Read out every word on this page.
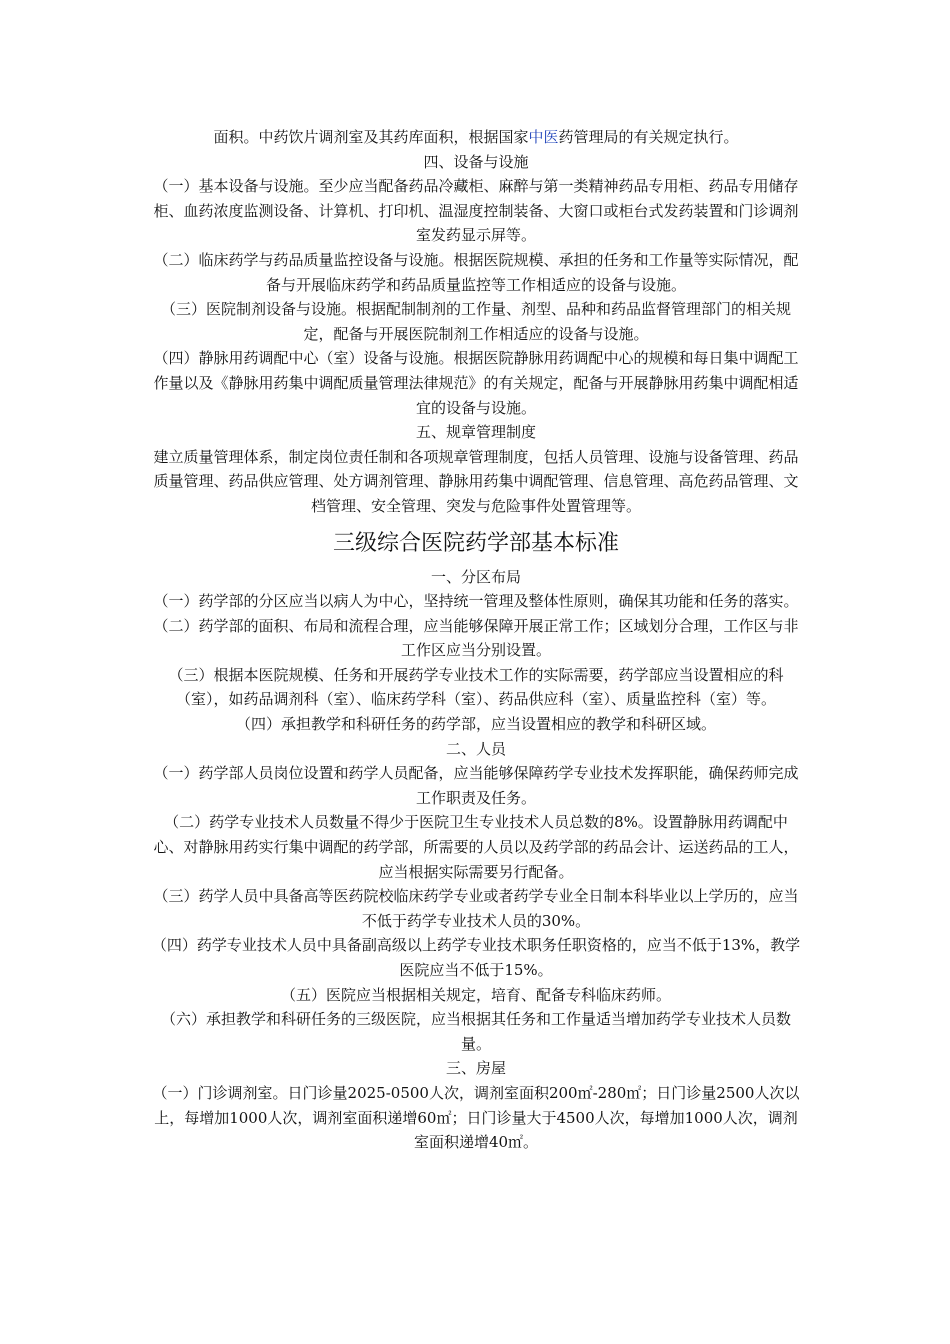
面积。中药饮片调剂室及其药库面积，根据国家中医药管理局的有关规定执行。

四、设备与设施

（一）基本设备与设施。至少应当配备药品冷藏柜、麻醉与第一类精神药品专用柜、药品专用储存柜、血药浓度监测设备、计算机、打印机、温湿度控制装备、大窗口或柜台式发药装置和门诊调剂室发药显示屏等。

（二）临床药学与药品质量监控设备与设施。根据医院规模、承担的任务和工作量等实际情况，配备与开展临床药学和药品质量监控等工作相适应的设备与设施。

（三）医院制剂设备与设施。根据配制制剂的工作量、剂型、品种和药品监督管理部门的相关规定，配备与开展医院制剂工作相适应的设备与设施。

（四）静脉用药调配中心（室）设备与设施。根据医院静脉用药调配中心的规模和每日集中调配工作量以及《静脉用药集中调配质量管理法律规范》的有关规定，配备与开展静脉用药集中调配相适宜的设备与设施。

五、规章管理制度

建立质量管理体系，制定岗位责任制和各项规章管理制度，包括人员管理、设施与设备管理、药品质量管理、药品供应管理、处方调剂管理、静脉用药集中调配管理、信息管理、高危药品管理、文档管理、安全管理、突发与危险事件处置管理等。

三级综合医院药学部基本标准

一、分区布局

（一）药学部的分区应当以病人为中心，坚持统一管理及整体性原则，确保其功能和任务的落实。

（二）药学部的面积、布局和流程合理，应当能够保障开展正常工作；区域划分合理，工作区与非工作区应当分别设置。

（三）根据本医院规模、任务和开展药学专业技术工作的实际需要，药学部应当设置相应的科（室），如药品调剂科（室）、临床药学科（室）、药品供应科（室）、质量监控科（室）等。

（四）承担教学和科研任务的药学部，应当设置相应的教学和科研区域。

二、人员

（一）药学部人员岗位设置和药学人员配备，应当能够保障药学专业技术发挥职能，确保药师完成工作职责及任务。

（二）药学专业技术人员数量不得少于医院卫生专业技术人员总数的8%。设置静脉用药调配中心、对静脉用药实行集中调配的药学部，所需要的人员以及药学部的药品会计、运送药品的工人，应当根据实际需要另行配备。

（三）药学人员中具备高等医药院校临床药学专业或者药学专业全日制本科毕业以上学历的，应当不低于药学专业技术人员的30%。

（四）药学专业技术人员中具备副高级以上药学专业技术职务任职资格的，应当不低于13%，教学医院应当不低于15%。

（五）医院应当根据相关规定，培育、配备专科临床药师。

（六）承担教学和科研任务的三级医院，应当根据其任务和工作量适当增加药学专业技术人员数量。

三、房屋

（一）门诊调剂室。日门诊量2025-0500人次，调剂室面积200㎡-280㎡；日门诊量2500人次以上，每增加1000人次，调剂室面积递增60㎡；日门诊量大于4500人次，每增加1000人次，调剂室面积递增40㎡。
